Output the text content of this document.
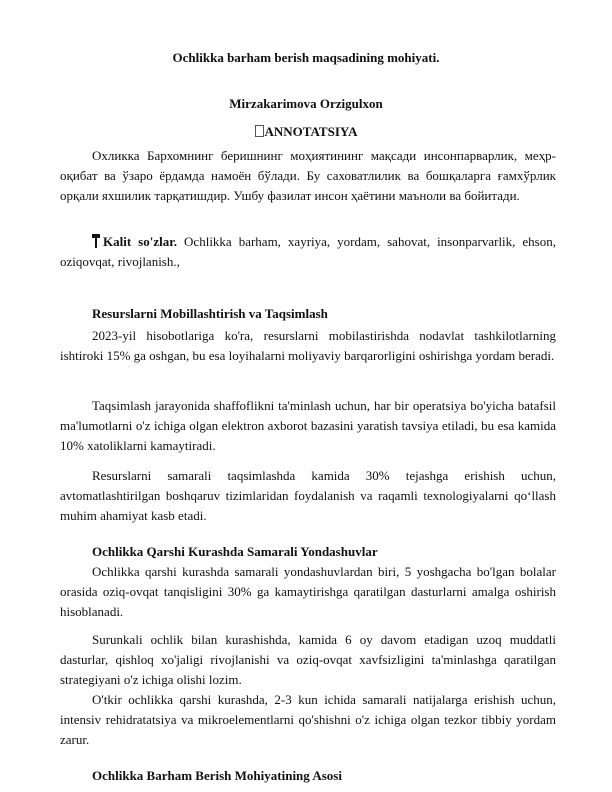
Ochlikka barham berish maqsadining mohiyati.
Mirzakarimova Orzigulxon
ANNOTATSIYA
Охликка Бархомнинг беришнинг моҳиятининг мақсади инсонпарварлик, меҳр-оқибат ва ўзаро ёрдамда намоён бўлади. Бу саховатлилик ва бошқаларга ғамхўрлик орқали яхшилик тарқатишдир. Ушбу фазилат инсон ҳаётини маъноли ва бойитади.
Kalit so'zlar. Ochlikka barham, xayriya, yordam, sahovat, insonparvarlik, ehson, oziqovqat, rivojlanish.,
Resurslarni Mobillashtirish va Taqsimlash
2023-yil hisobotlariga ko'ra, resurslarni mobilastirishda nodavlat tashkilotlarning ishtiroki 15% ga oshgan, bu esa loyihalarni moliyaviy barqarorligini oshirishga yordam beradi.
Taqsimlash jarayonida shaffoflikni ta'minlash uchun, har bir operatsiya bo'yicha batafsil ma'lumotlarni o'z ichiga olgan elektron axborot bazasini yaratish tavsiya etiladi, bu esa kamida 10% xatoliklarni kamaytiradi.
Resurslarni samarali taqsimlashda kamida 30% tejashga erishish uchun, avtomatlashtirilgan boshqaruv tizimlaridan foydalanish va raqamli texnologiyalarni qo‘llash muhim ahamiyat kasb etadi.
Ochlikka Qarshi Kurashda Samarali Yondashuvlar
Ochlikka qarshi kurashda samarali yondashuvlardan biri, 5 yoshgacha bo'lgan bolalar orasida oziq-ovqat tanqisligini 30% ga kamaytirishga qaratilgan dasturlarni amalga oshirish hisoblanadi.
Surunkali ochlik bilan kurashishda, kamida 6 oy davom etadigan uzoq muddatli dasturlar, qishloq xo'jaligi rivojlanishi va oziq-ovqat xavfsizligini ta'minlashga qaratilgan strategiyani o'z ichiga olishi lozim.
O'tkir ochlikka qarshi kurashda, 2-3 kun ichida samarali natijalarga erishish uchun, intensiv rehidratatsiya va mikroelementlarni qo'shishni o'z ichiga olgan tezkor tibbiy yordam zarur.
Ochlikka Barham Berish Mohiyatining Asosi
